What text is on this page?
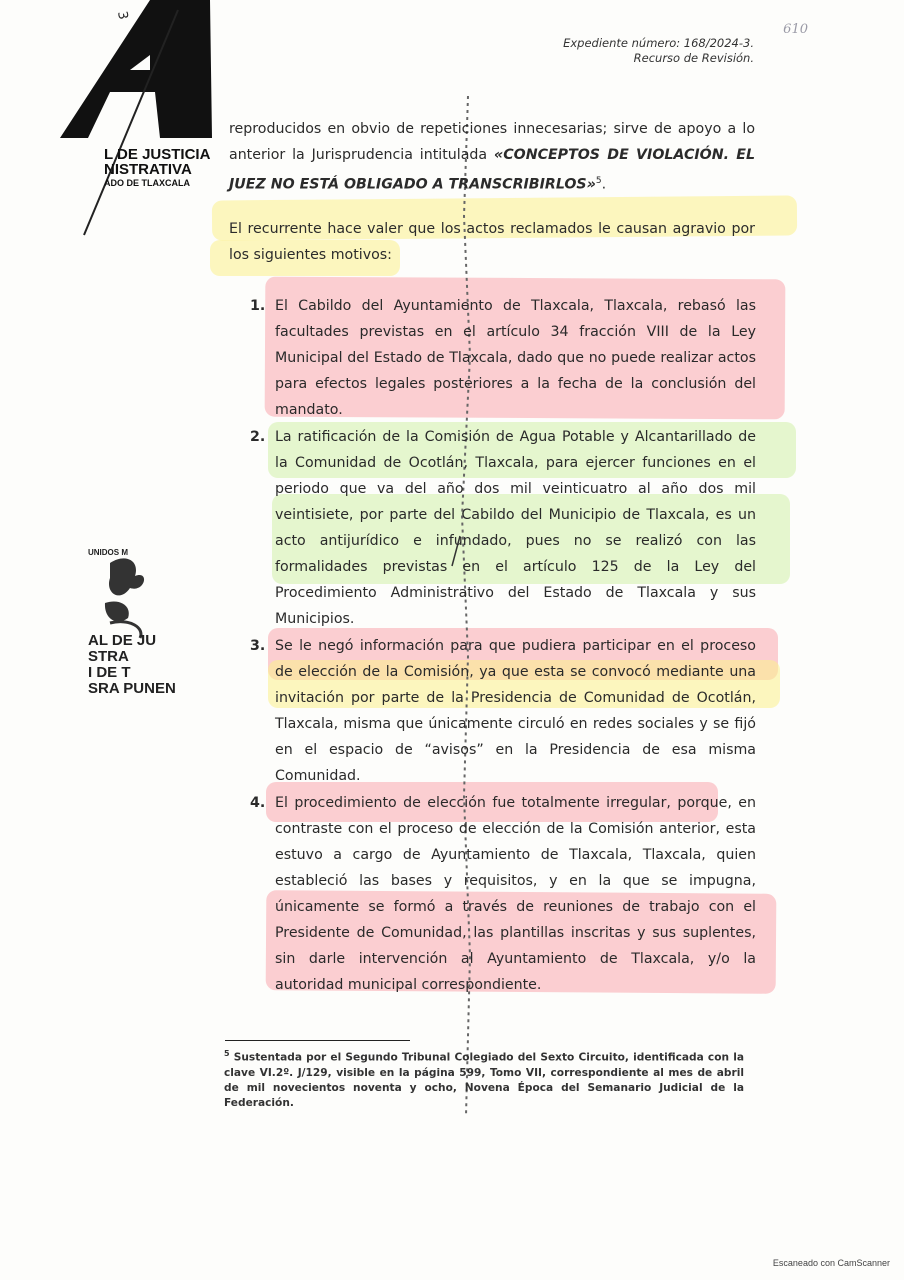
610
Expediente número: 168/2024-3.
Recurso de Revisión.
3
L DE JUSTICIA
NISTRATIVA
ADO DE TLAXCALA
UNIDOS M
AL DE JU
STRA
I DE T
SRA PUNEN
reproducidos en obvio de repeticiones innecesarias; sirve de apoyo a lo anterior la Jurisprudencia intitulada «CONCEPTOS DE VIOLACIÓN. EL JUEZ NO ESTÁ OBLIGADO A TRANSCRIBIRLOS»$^5$.
El recurrente hace valer que los actos reclamados le causan agravio por los siguientes motivos:
1. El Cabildo del Ayuntamiento de Tlaxcala, Tlaxcala, rebasó las facultades previstas en el artículo 34 fracción VIII de la Ley Municipal del Estado de Tlaxcala, dado que no puede realizar actos para efectos legales posteriores a la fecha de la conclusión del mandato.
2. La ratificación de la Comisión de Agua Potable y Alcantarillado de la Comunidad de Ocotlán, Tlaxcala, para ejercer funciones en el periodo que va del año dos mil veinticuatro al año dos mil veintisiete, por parte del Cabildo del Municipio de Tlaxcala, es un acto antijurídico e infundado, pues no se realizó con las formalidades previstas en el artículo 125 de la Ley del Procedimiento Administrativo del Estado de Tlaxcala y sus Municipios.
3. Se le negó información para que pudiera participar en el proceso de elección de la Comisión, ya que esta se convocó mediante una invitación por parte de la Presidencia de Comunidad de Ocotlán, Tlaxcala, misma que únicamente circuló en redes sociales y se fijó en el espacio de “avisos” en la Presidencia de esa misma Comunidad.
4. El procedimiento de elección fue totalmente irregular, porque, en contraste con el proceso de elección de la Comisión anterior, esta estuvo a cargo de Ayuntamiento de Tlaxcala, Tlaxcala, quien estableció las bases y requisitos, y en la que se impugna, únicamente se formó a través de reuniones de trabajo con el Presidente de Comunidad, las plantillas inscritas y sus suplentes, sin darle intervención al Ayuntamiento de Tlaxcala, y/o la autoridad municipal correspondiente.
$^5$ Sustentada por el Segundo Tribunal Colegiado del Sexto Circuito, identificada con la clave VI.2º. J/129, visible en la página 599, Tomo VII, correspondiente al mes de abril de mil novecientos noventa y ocho, Novena Época del Semanario Judicial de la Federación.
Escaneado con CamScanner
